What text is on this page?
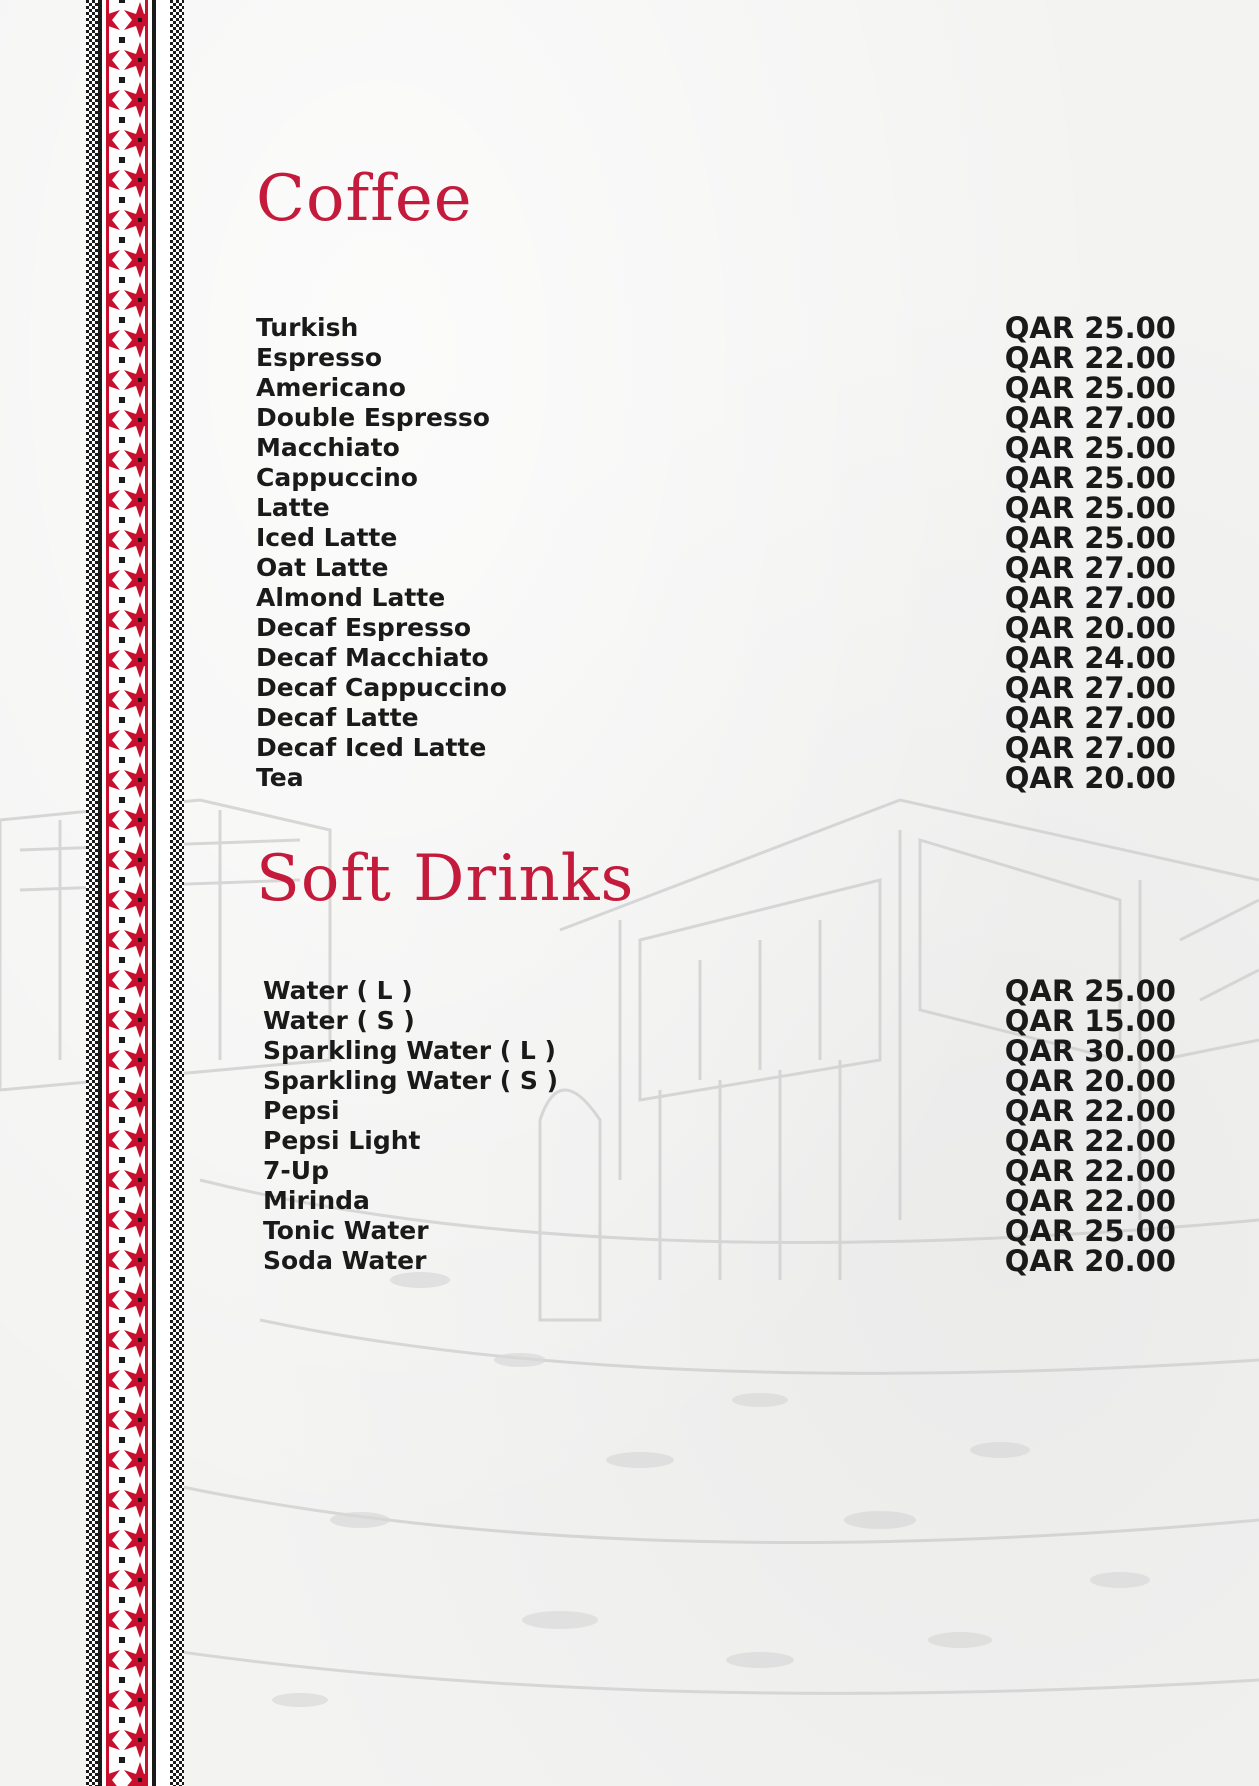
Coffee
Turkish	QAR 25.00
Espresso	QAR 22.00
Americano	QAR 25.00
Double Espresso	QAR 27.00
Macchiato	QAR 25.00
Cappuccino	QAR 25.00
Latte	QAR 25.00
Iced Latte	QAR 25.00
Oat Latte	QAR 27.00
Almond Latte	QAR 27.00
Decaf Espresso	QAR 20.00
Decaf Macchiato	QAR 24.00
Decaf Cappuccino	QAR 27.00
Decaf Latte	QAR 27.00
Decaf Iced Latte	QAR 27.00
Tea	QAR 20.00
Soft Drinks
Water ( L )	QAR 25.00
Water ( S )	QAR 15.00
Sparkling Water ( L )	QAR 30.00
Sparkling Water ( S )	QAR 20.00
Pepsi	QAR 22.00
Pepsi Light	QAR 22.00
7-Up	QAR 22.00
Mirinda	QAR 22.00
Tonic Water	QAR 25.00
Soda Water	QAR 20.00
